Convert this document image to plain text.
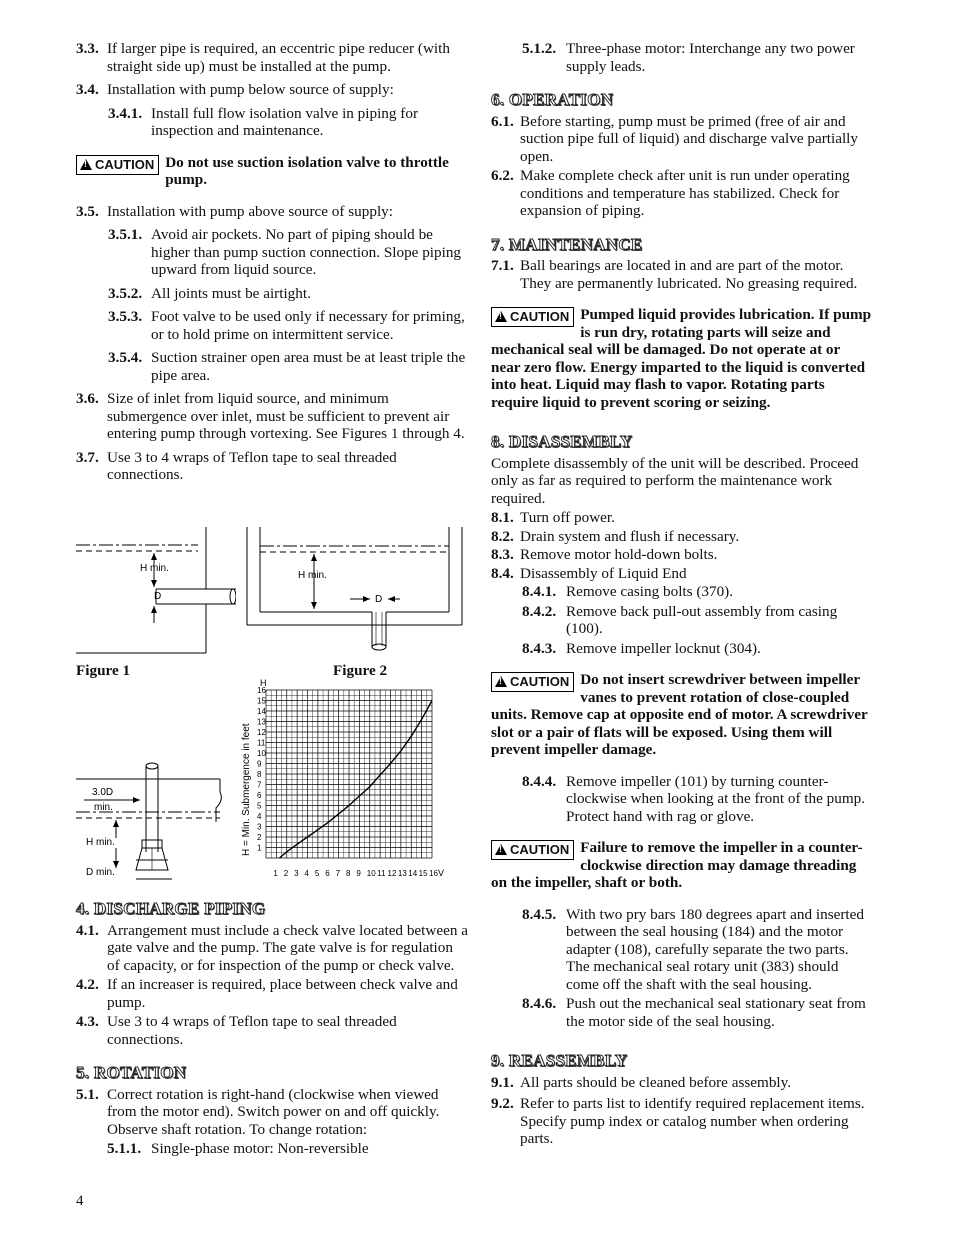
3.3. If larger pipe is required, an eccentric pipe reducer (with straight side up) must be installed at the pump.

3.4. Installation with pump below source of supply:

3.4.1. Install full flow isolation valve in piping for inspection and maintenance.

!CAUTION Do not use suction isolation valve to throttle pump.

3.5. Installation with pump above source of supply:

3.5.1. Avoid air pockets. No part of piping should be higher than pump suction connection. Slope piping upward from liquid source.

3.5.2. All joints must be airtight.

3.5.3. Foot valve to be used only if necessary for priming, or to hold prime on intermittent service.

3.5.4. Suction strainer open area must be at least triple the pipe area.

3.6. Size of inlet from liquid source, and minimum submergence over inlet, must be sufficient to prevent air entering pump through vortexing. See Figures 1 through 4.

3.7. Use 3 to 4 wraps of Teflon tape to seal threaded connections.

H min.
D
Figure 1
H min.
D
Figure 2
3.0D
min.
H min.
D min.	1 2 3 4 5 6 7 8 9 10 11 12 13 14 15 16
1
2
3
4
5
6
7
8
9
10
11
12
13
14
15
16
H
V
H = Min. Submergence in feet
4. DISCHARGE PIPING
4.1. Arrangement must include a check valve located between a gate valve and the pump. The gate valve is for regulation of capacity, or for inspection of the pump or check valve.

4.2. If an increaser is required, place between check valve and pump.

4.3. Use 3 to 4 wraps of Teflon tape to seal threaded connections.

5. ROTATION
5.1. Correct rotation is right-hand (clockwise when viewed from the motor end). Switch power on and off quickly. Observe shaft rotation. To change rotation:

5.1.1. Single-phase motor: Non-reversible

5.1.2. Three-phase motor: Interchange any two power supply leads.

6. OPERATION
6.1. Before starting, pump must be primed (free of air and suction pipe full of liquid) and discharge valve partially open.

6.2. Make complete check after unit is run under operating conditions and temperature has stabilized. Check for expansion of piping.

7. MAINTENANCE
7.1. Ball bearings are located in and are part of the motor. They are permanently lubricated. No greasing required.

!CAUTION Pumped liquid provides lubrication. If pump is run dry, rotating parts will seize and mechanical seal will be damaged. Do not operate at or near zero flow. Energy imparted to the liquid is converted into heat. Liquid may flash to vapor. Rotating parts require liquid to prevent scoring or seizing.

8. DISASSEMBLY

Complete disassembly of the unit will be described. Proceed only as far as required to perform the maintenance work required.

8.1. Turn off power.

8.2. Drain system and flush if necessary.

8.3. Remove motor hold-down bolts.

8.4. Disassembly of Liquid End

8.4.1. Remove casing bolts (370).

8.4.2. Remove back pull-out assembly from casing (100).

8.4.3. Remove impeller locknut (304).

!CAUTION Do not insert screwdriver between impeller vanes to prevent rotation of close-coupled units. Remove cap at opposite end of motor. A screwdriver slot or a pair of flats will be exposed. Using them will prevent impeller damage.

8.4.4. Remove impeller (101) by turning counter-clockwise when looking at the front of the pump. Protect hand with rag or glove.

!CAUTION Failure to remove the impeller in a counter-clockwise direction may damage threading on the impeller, shaft or both.

8.4.5. With two pry bars 180 degrees apart and inserted between the seal housing (184) and the motor adapter (108), carefully separate the two parts. The mechanical seal rotary unit (383) should come off the shaft with the seal housing.

8.4.6. Push out the mechanical seal stationary seat from the motor side of the seal housing.

9. REASSEMBLY
9.1. All parts should be cleaned before assembly.

9.2. Refer to parts list to identify required replacement items. Specify pump index or catalog number when ordering parts.

4
